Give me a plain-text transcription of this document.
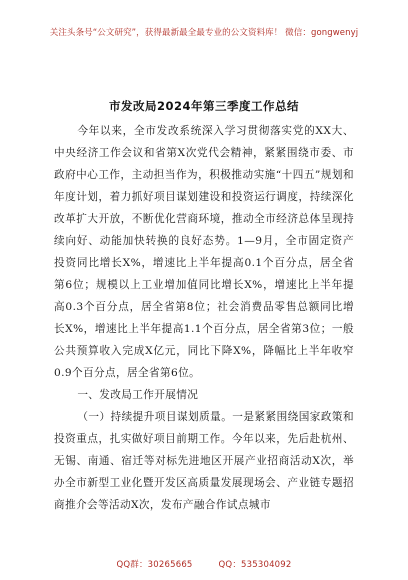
关注头条号“公文研究”，获得最新最全最专业的公文资料库！ 微信：gongwenyj
市发改局2024年第三季度工作总结

今年以来，全市发改系统深入学习贯彻落实党的XX大、中央经济工作会议和省第X次党代会精神，紧紧围绕市委、市政府中心工作，主动担当作为，积极推动实施“十四五”规划和年度计划，着力抓好项目谋划建设和投资运行调度，持续深化改革扩大开放，不断优化营商环境，推动全市经济总体呈现持续向好、动能加快转换的良好态势。1—9月，全市固定资产投资同比增长X%，增速比上半年提高0.1个百分点，居全省第6位；规模以上工业增加值同比增长X%，增速比上半年提高0.3个百分点，居全省第8位；社会消费品零售总额同比增长X%，增速比上半年提高1.1个百分点，居全省第3位；一般公共预算收入完成X亿元，同比下降X%，降幅比上半年收窄0.9个百分点，居全省第6位。

一、发改局工作开展情况

（一）持续提升项目谋划质量。一是紧紧围绕国家政策和投资重点，扎实做好项目前期工作。今年以来，先后赴杭州、无锡、南通、宿迁等对标先进地区开展产业招商活动X次，举办全市新型工业化暨开发区高质量发展现场会、产业链专题招商推介会等活动X次，发布产融合作试点城市

QQ群：30265665	QQ：535304092
